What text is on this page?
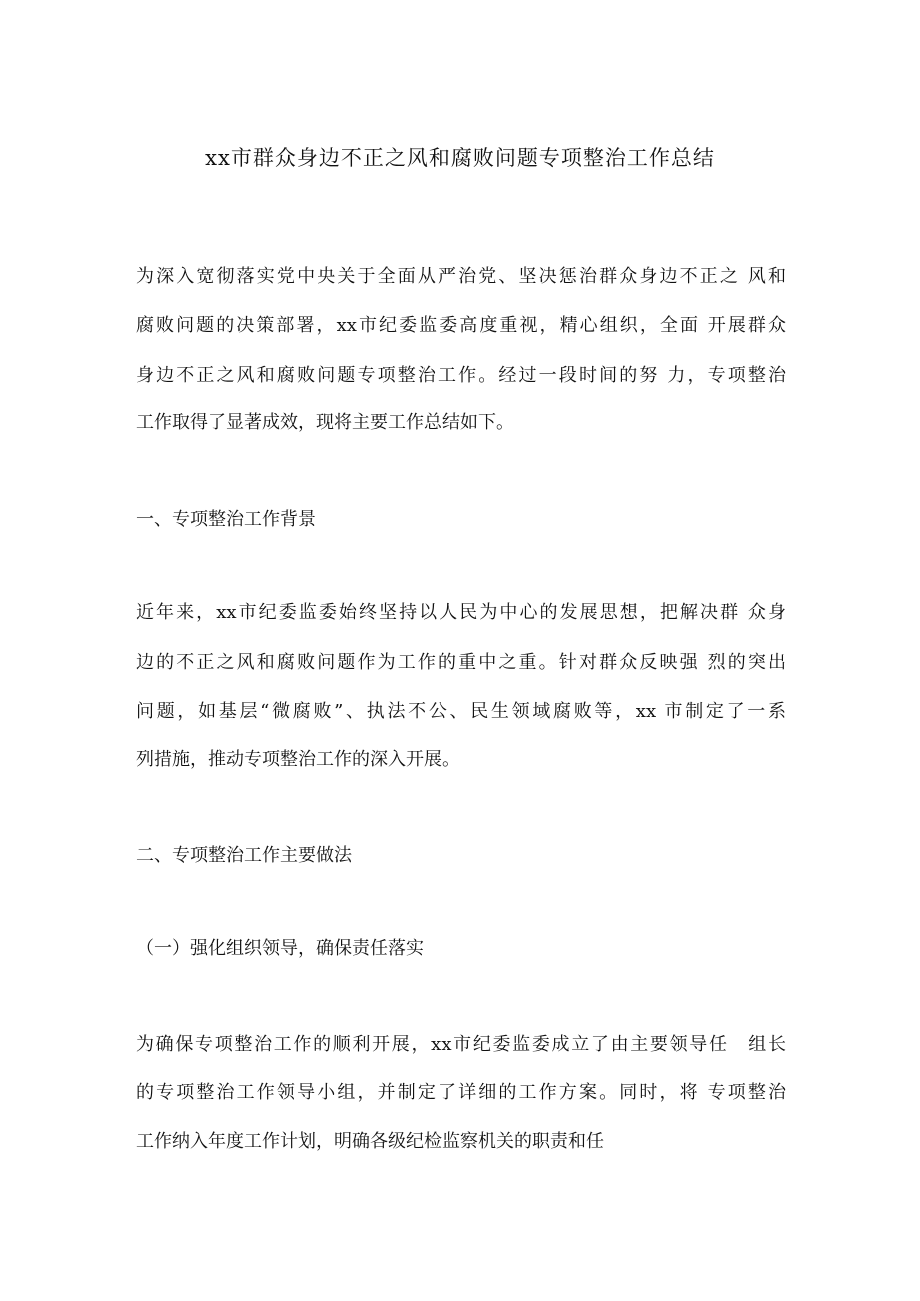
xx市群众身边不正之风和腐败问题专项整治工作总结
为深入宽彻落实党中央关于全面从严治党、坚决惩治群众身边不正之 风和
腐败问题的决策部署，xx市纪委监委高度重视，精心组织，全面 开展群众
身边不正之风和腐败问题专项整治工作。经过一段时间的努 力，专项整治
工作取得了显著成效，现将主要工作总结如下。
一、专项整治工作背景
近年来，xx市纪委监委始终坚持以人民为中心的发展思想，把解决群 众身
边的不正之风和腐败问题作为工作的重中之重。针对群众反映强 烈的突出
问题，如基层“微腐败”、执法不公、民生领域腐败等，xx 市制定了一系
列措施，推动专项整治工作的深入开展。
二、专项整治工作主要做法
（一）强化组织领导，确保责任落实
为确保专项整治工作的顺利开展，xx市纪委监委成立了由主要领导任　组长
的专项整治工作领导小组，并制定了详细的工作方案。同时，将 专项整治
工作纳入年度工作计划，明确各级纪检监察机关的职责和任
